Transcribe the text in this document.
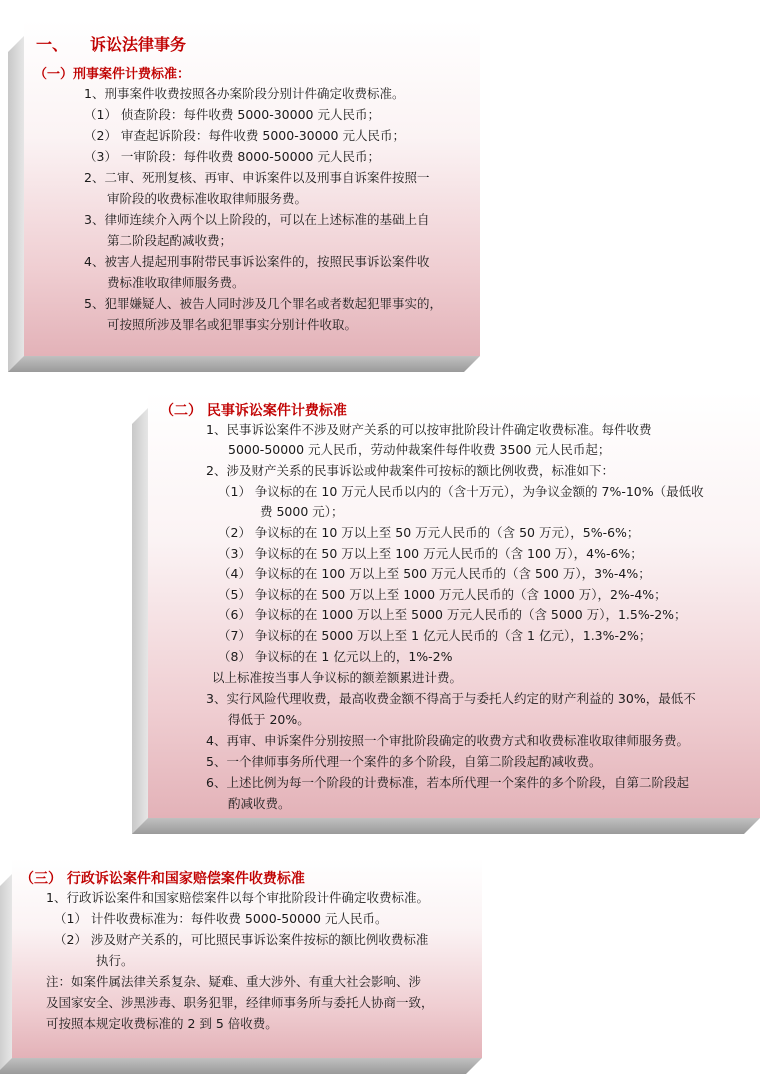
一、 诉讼法律事务
（一）刑事案件计费标准：
1、刑事案件收费按照各办案阶段分别计件确定收费标准。
（1） 侦查阶段：每件收费 5000-30000 元人民币；
（2） 审查起诉阶段：每件收费 5000-30000 元人民币；
（3） 一审阶段：每件收费 8000-50000 元人民币；
2、二审、死刑复核、再审、申诉案件以及刑事自诉案件按照一
审阶段的收费标准收取律师服务费。
3、律师连续介入两个以上阶段的，可以在上述标准的基础上自
第二阶段起酌减收费；
4、被害人提起刑事附带民事诉讼案件的，按照民事诉讼案件收
费标准收取律师服务费。
5、犯罪嫌疑人、被告人同时涉及几个罪名或者数起犯罪事实的，
可按照所涉及罪名或犯罪事实分别计件收取。
（二） 民事诉讼案件计费标准
1、民事诉讼案件不涉及财产关系的可以按审批阶段计件确定收费标准。每件收费
5000-50000 元人民币，劳动仲裁案件每件收费 3500 元人民币起；
2、涉及财产关系的民事诉讼或仲裁案件可按标的额比例收费，标准如下：
（1） 争议标的在 10 万元人民币以内的（含十万元），为争议金额的 7%-10%（最低收
费 5000 元）；
（2） 争议标的在 10 万以上至 50 万元人民币的（含 50 万元），5%-6%；
（3） 争议标的在 50 万以上至 100 万元人民币的（含 100 万），4%-6%；
（4） 争议标的在 100 万以上至 500 万元人民币的（含 500 万），3%-4%；
（5） 争议标的在 500 万以上至 1000 万元人民币的（含 1000 万），2%-4%；
（6） 争议标的在 1000 万以上至 5000 万元人民币的（含 5000 万），1.5%-2%；
（7） 争议标的在 5000 万以上至 1 亿元人民币的（含 1 亿元），1.3%-2%；
（8） 争议标的在 1 亿元以上的，1%-2%
以上标准按当事人争议标的额差额累进计费。
3、实行风险代理收费，最高收费金额不得高于与委托人约定的财产利益的 30%，最低不
得低于 20%。
4、再审、申诉案件分别按照一个审批阶段确定的收费方式和收费标准收取律师服务费。
5、一个律师事务所代理一个案件的多个阶段，自第二阶段起酌减收费。
6、上述比例为每一个阶段的计费标准，若本所代理一个案件的多个阶段，自第二阶段起
酌减收费。
（三） 行政诉讼案件和国家赔偿案件收费标准
1、行政诉讼案件和国家赔偿案件以每个审批阶段计件确定收费标准。
（1） 计件收费标准为：每件收费 5000-50000 元人民币。
（2） 涉及财产关系的，可比照民事诉讼案件按标的额比例收费标准
执行。
注：如案件属法律关系复杂、疑难、重大涉外、有重大社会影响、涉
及国家安全、涉黑涉毒、职务犯罪，经律师事务所与委托人协商一致，
可按照本规定收费标准的 2 到 5 倍收费。
